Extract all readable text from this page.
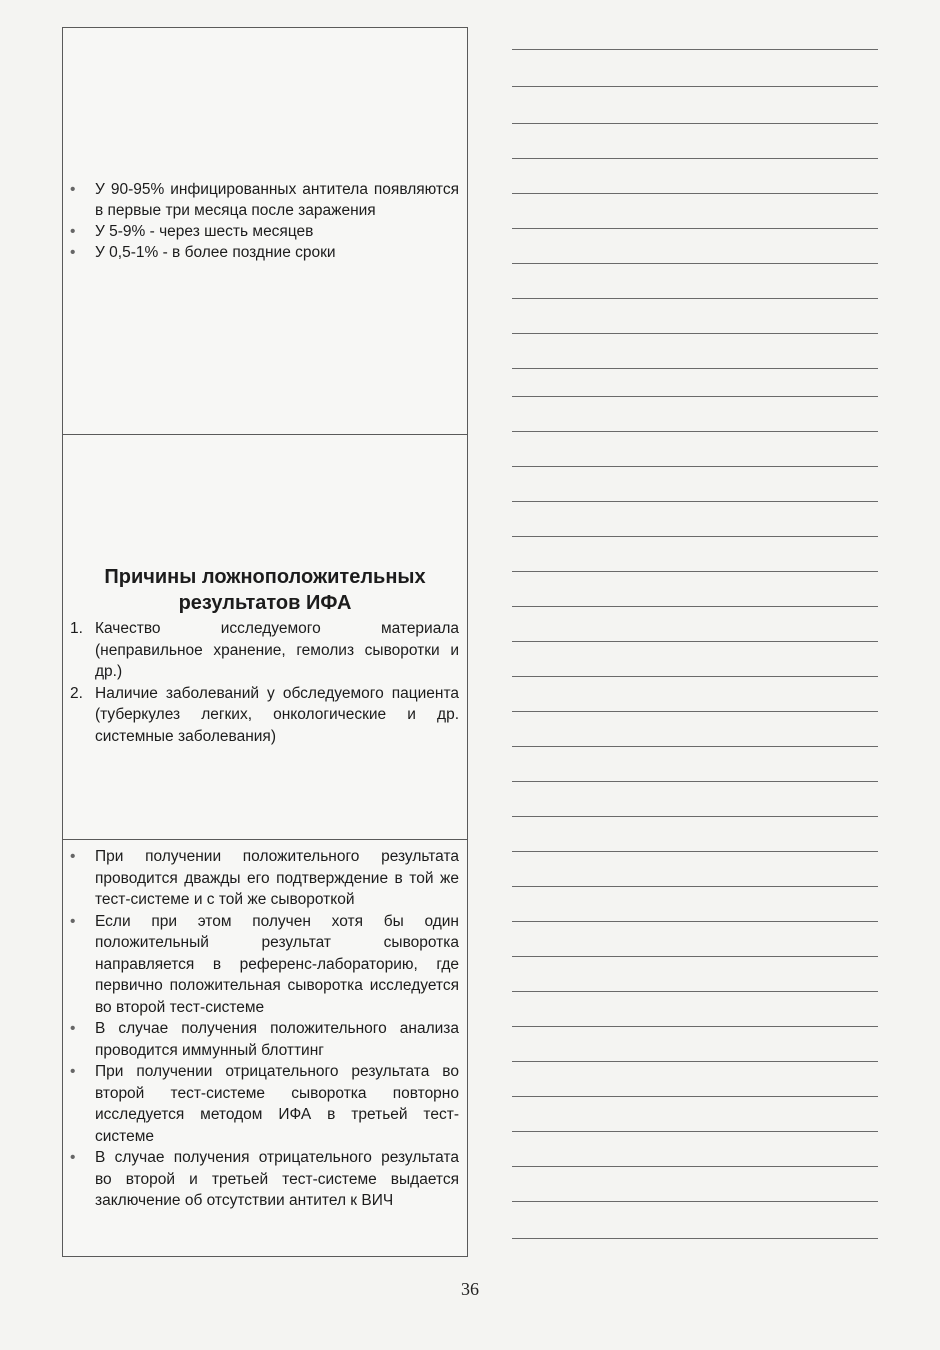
• У 90-95% инфицированных антитела появляются в первые три месяца после заражения
• У 5-9% - через шесть месяцев
• У 0,5-1% - в более поздние сроки
Причины ложноположительных результатов ИФА
1. Качество исследуемого материала (неправильное хранение, гемолиз сыворотки и др.)
2. Наличие заболеваний у обследуемого пациента (туберкулез легких, онкологические и др. системные заболевания)
• При получении положительного результата проводится дважды его подтверждение в той же тест-системе и с той же сывороткой
• Если при этом получен хотя бы один положительный результат сыворотка направляется в референс-лабораторию, где первично положительная сыворотка исследуется во второй тест-системе
• В случае получения положительного анализа проводится иммунный блоттинг
• При получении отрицательного результата во второй тест-системе сыворотка повторно исследуется методом ИФА в третьей тест-системе
• В случае получения отрицательного результата во второй и третьей тест-системе выдается заключение об отсутствии антител к ВИЧ
36
